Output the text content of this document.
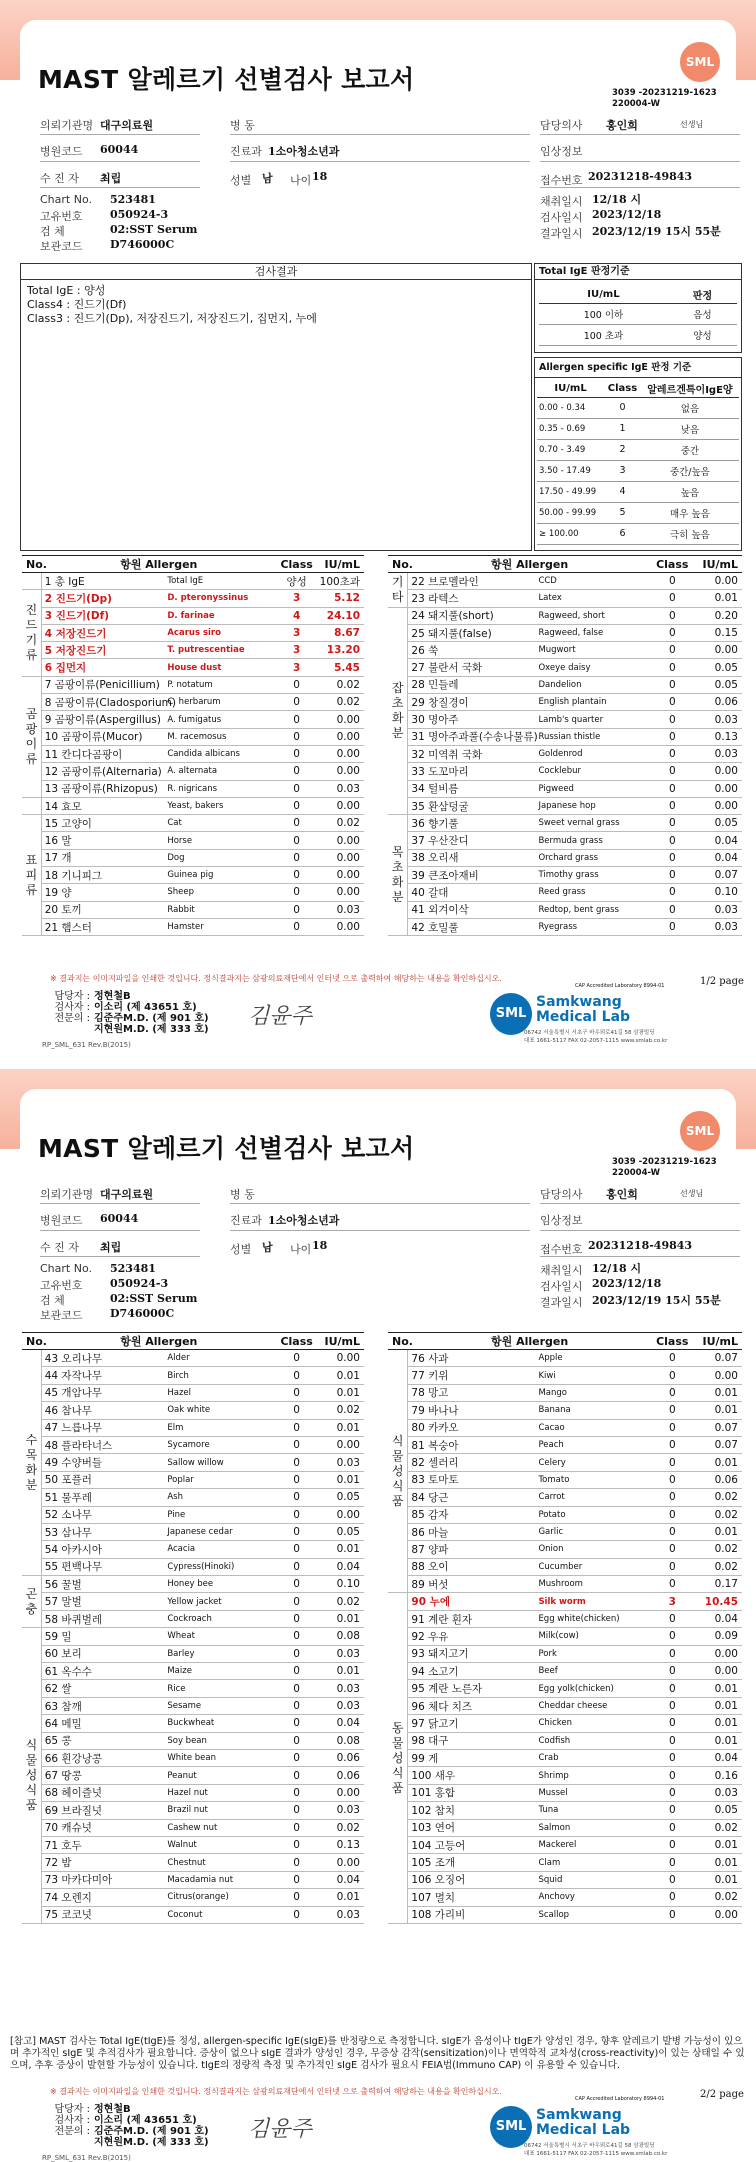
MAST 알레르기 선별검사 보고서
SML
3039 -20231219-1623
220004-W
의뢰기관명 대구의료원	병 동	담당의사 홍인희	선생님
병원코드 60044	진료과 1소아청소년과	임상정보
수 진 자 최립	성별 남 나이 18	접수번호 20231218-49843
Chart No. 523481	채취일시 12/18 시
고유번호 050924-3	검사일시 2023/12/18
검 체	02:SST Serum	결과일시 2023/12/19 15시 55분
보관코드 D746000C
검사결과
Total IgE : 양성
Class4 : 진드기(Df)
Class3 : 진드기(Dp), 저장진드기, 저장진드기, 집먼지, 누에
Total IgE 판정기준
IU/mL	판정
100 이하	음성
100 초과	양성
Allergen specific IgE 판정 기준
IU/mL	Class	알레르겐특이IgE양
0.00 - 0.34	0	없음
0.35 - 0.69	1	낮음
0.70 - 3.49	2	중간
3.50 - 17.49	3	중간/높음
17.50 - 49.99	4	높음
50.00 - 99.99	5	매우 높음
≥ 100.00	6	극히 높음
No.	항원 Allergen		Class	IU/mL
	1 총 IgE	Total IgE	양성	100초과
진드기류	2 진드기(Dp)	D. pteronyssinus	3	5.12
	3 진드기(Df)	D. farinae	4	24.10
	4 저장진드기	Acarus siro	3	8.67
	5 저장진드기	T. putrescentiae	3	13.20
	6 집먼지	House dust	3	5.45
곰팡이류	7 곰팡이류(Penicillium)	P. notatum	0	0.02
	8 곰팡이류(Cladosporium)	C. herbarum	0	0.02
	9 곰팡이류(Aspergillus)	A. fumigatus	0	0.00
	10 곰팡이류(Mucor)	M. racemosus	0	0.00
	11 칸디다곰팡이	Candida albicans	0	0.00
	12 곰팡이류(Alternaria)	A. alternata	0	0.00
	13 곰팡이류(Rhizopus)	R. nigricans	0	0.03
	14 효모	Yeast, bakers	0	0.00
표피류	15 고양이	Cat	0	0.02
	16 말	Horse	0	0.00
	17 개	Dog	0	0.00
	18 기니피그	Guinea pig	0	0.00
	19 양	Sheep	0	0.00
	20 토끼	Rabbit	0	0.03
	21 햄스터	Hamster	0	0.00
No.	항원 Allergen		Class	IU/mL
기타	22 브로멜라인	CCD	0	0.00
	23 라텍스	Latex	0	0.01
잡초화분	24 돼지풀(short)	Ragweed, short	0	0.20
	25 돼지풀(false)	Ragweed, false	0	0.15
	26 쑥	Mugwort	0	0.00
	27 불란서 국화	Oxeye daisy	0	0.05
	28 민들레	Dandelion	0	0.05
	29 창질경이	English plantain	0	0.06
	30 명아주	Lamb's quarter	0	0.03
	31 명아주과풀(수송나물류)	Russian thistle	0	0.13
	32 미역취 국화	Goldenrod	0	0.03
	33 도꼬마리	Cocklebur	0	0.00
	34 털비름	Pigweed	0	0.00
	35 환삼덩굴	Japanese hop	0	0.00
목초화분	36 향기풀	Sweet vernal grass	0	0.05
	37 우산잔디	Bermuda grass	0	0.04
	38 오리새	Orchard grass	0	0.04
	39 큰조아재비	Timothy grass	0	0.07
	40 갈대	Reed grass	0	0.10
	41 외겨이삭	Redtop, bent grass	0	0.03
	42 호밀풀	Ryegrass	0	0.03
※ 결과지는 이미지파일을 인쇄한 것입니다. 정식결과지는 삼광의료재단에서 인터넷 으로 출력하여 해당하는 내용을 확인하십시오.
CAP Accredited Laboratory 8994-01	1/2 page
담당자 : 정현철B
검사자 : 이소리 (제 43651 호)
전문의 : 김준주M.D. (제 901 호)
지현원M.D. (제 333 호)
김윤주	SML
Samkwang
Medical Lab
06742 서울특별시 서초구 바우뫼로41길 58 삼광빌딩
대표 1661-5117 FAX 02-2057-1115 www.smlab.co.kr
RP_SML_631 Rev.B(2015)
MAST 알레르기 선별검사 보고서
SML
3039 -20231219-1623
220004-W
의뢰기관명 대구의료원	병 동	담당의사 홍인희	선생님
병원코드 60044	진료과 1소아청소년과	임상정보
수 진 자 최립	성별 남 나이 18	접수번호 20231218-49843
Chart No. 523481	채취일시 12/18 시
고유번호 050924-3	검사일시 2023/12/18
검 체	02:SST Serum	결과일시 2023/12/19 15시 55분
보관코드 D746000C
No.	항원 Allergen		Class	IU/mL
수목화분	43 오리나무	Alder	0	0.00
	44 자작나무	Birch	0	0.01
	45 개암나무	Hazel	0	0.01
	46 참나무	Oak white	0	0.02
	47 느릅나무	Elm	0	0.01
	48 플라타너스	Sycamore	0	0.00
	49 수양버들	Sallow willow	0	0.03
	50 포플러	Poplar	0	0.01
	51 물푸레	Ash	0	0.05
	52 소나무	Pine	0	0.00
	53 삼나무	Japanese cedar	0	0.05
	54 아카시아	Acacia	0	0.01
	55 편백나무	Cypress(Hinoki)	0	0.04
곤충	56 꿀벌	Honey bee	0	0.10
	57 말벌	Yellow jacket	0	0.02
	58 바퀴벌레	Cockroach	0	0.01
식물성식품	59 밀	Wheat	0	0.08
	60 보리	Barley	0	0.03
	61 옥수수	Maize	0	0.01
	62 쌀	Rice	0	0.03
	63 참깨	Sesame	0	0.03
	64 메밀	Buckwheat	0	0.04
	65 콩	Soy bean	0	0.08
	66 흰강낭콩	White bean	0	0.06
	67 땅콩	Peanut	0	0.06
	68 헤이즐넛	Hazel nut	0	0.00
	69 브라질넛	Brazil nut	0	0.03
	70 캐슈넛	Cashew nut	0	0.02
	71 호두	Walnut	0	0.13
	72 밤	Chestnut	0	0.00
	73 마카다미아	Macadamia nut	0	0.04
	74 오렌지	Citrus(orange)	0	0.01
	75 코코넛	Coconut	0	0.03
No.	항원 Allergen		Class	IU/mL
식물성식품	76 사과	Apple	0	0.07
	77 키위	Kiwi	0	0.00
	78 망고	Mango	0	0.01
	79 바나나	Banana	0	0.01
	80 카카오	Cacao	0	0.07
	81 복숭아	Peach	0	0.07
	82 셀러리	Celery	0	0.01
	83 토마토	Tomato	0	0.06
	84 당근	Carrot	0	0.02
	85 감자	Potato	0	0.02
	86 마늘	Garlic	0	0.01
	87 양파	Onion	0	0.02
	88 오이	Cucumber	0	0.02
	89 버섯	Mushroom	0	0.17
동물성식품	90 누에	Silk worm	3	10.45
	91 계란 흰자	Egg white(chicken)	0	0.04
	92 우유	Milk(cow)	0	0.09
	93 돼지고기	Pork	0	0.00
	94 소고기	Beef	0	0.00
	95 계란 노른자	Egg yolk(chicken)	0	0.01
	96 체다 치즈	Cheddar cheese	0	0.01
	97 닭고기	Chicken	0	0.01
	98 대구	Codfish	0	0.01
	99 게	Crab	0	0.04
	100 새우	Shrimp	0	0.16
	101 홍합	Mussel	0	0.03
	102 참치	Tuna	0	0.05
	103 연어	Salmon	0	0.02
	104 고등어	Mackerel	0	0.01
	105 조개	Clam	0	0.01
	106 오징어	Squid	0	0.01
	107 멸치	Anchovy	0	0.02
	108 가리비	Scallop	0	0.00
[참고] MAST 검사는 Total IgE(tIgE)를 정성, allergen-specific IgE(sIgE)를 반정량으로 측정합니다. sIgE가 음성이나 tIgE가 양성인 경우, 향후 알레르기 발병 가능성이 있으며 추가적인 sIgE 및 추적검사가 필요합니다. 증상이 없으나 sIgE 결과가 양성인 경우, 무증상 감작(sensitization)이나 면역학적 교차성(cross-reactivity)이 있는 상태일 수 있으며, 추후 증상이 발현할 가능성이 있습니다. tIgE의 정량적 측정 및 추가적인 sIgE 검사가 필요시 FEIA법(Immuno CAP) 이 유용할 수 있습니다.
※ 결과지는 이미지파일을 인쇄한 것입니다. 정식결과지는 삼광의료재단에서 인터넷 으로 출력하여 해당하는 내용을 확인하십시오.
CAP Accredited Laboratory 8994-01	2/2 page
담당자 : 정현철B
검사자 : 이소리 (제 43651 호)
전문의 : 김준주M.D. (제 901 호)
지현원M.D. (제 333 호)
김윤주	SML
Samkwang
Medical Lab
06742 서울특별시 서초구 바우뫼로41길 58 삼광빌딩
대표 1661-5117 FAX 02-2057-1115 www.smlab.co.kr
RP_SML_631 Rev.B(2015)
